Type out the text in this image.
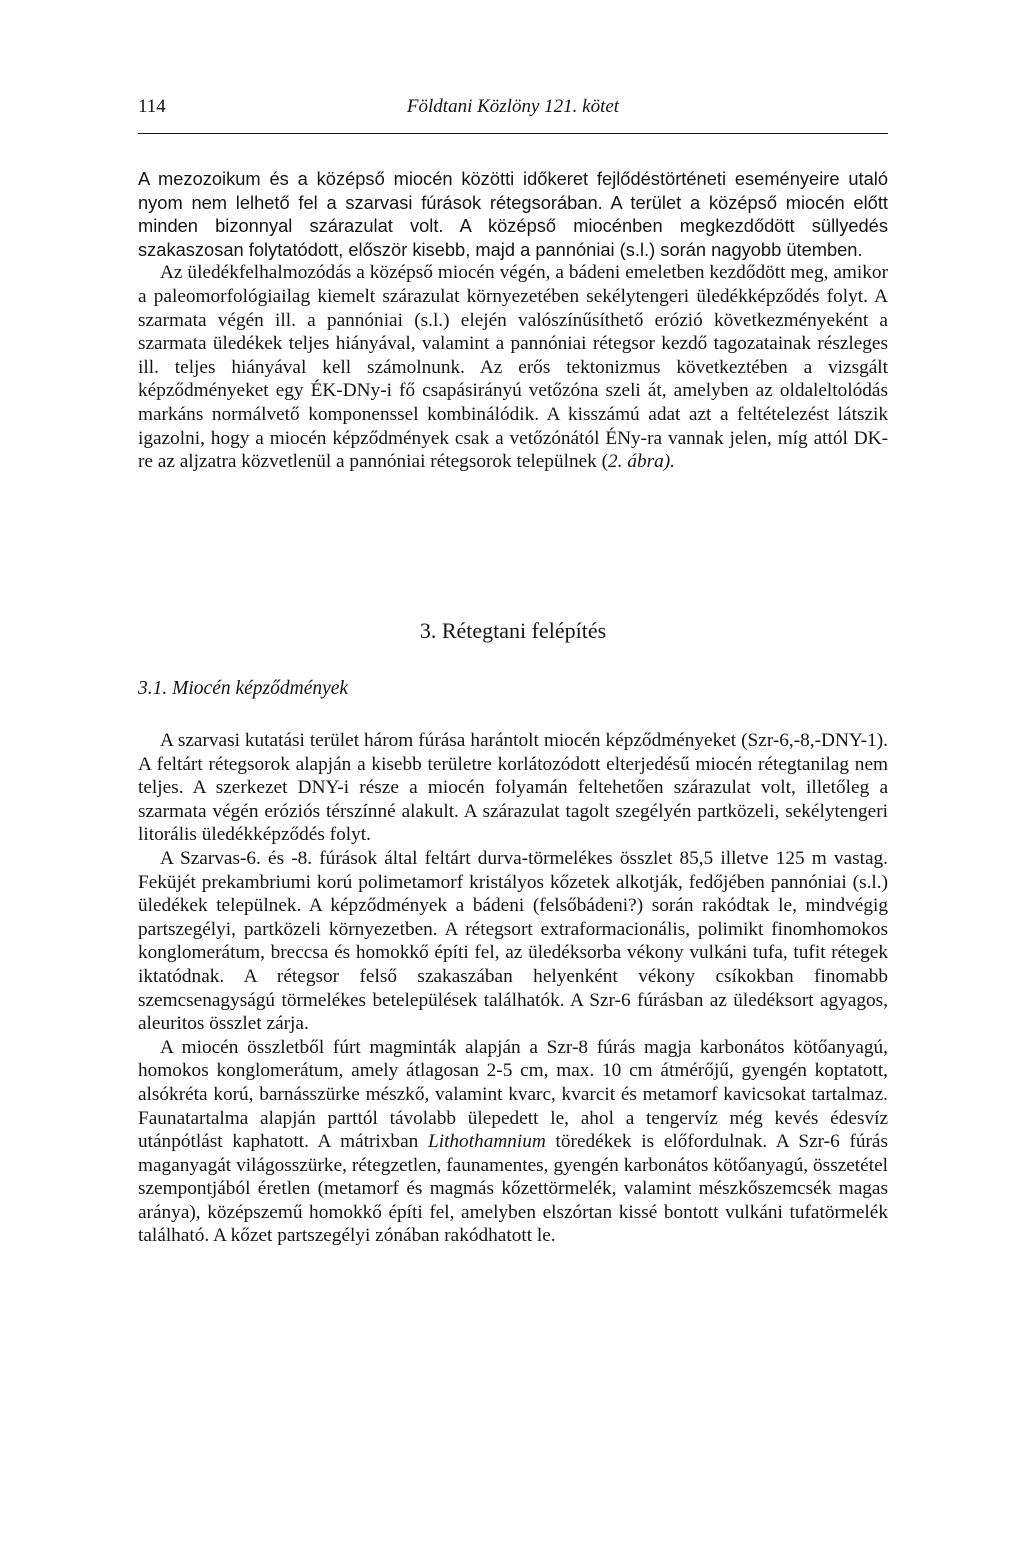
114	Földtani Közlöny 121. kötet

A mezozoikum és a középső miocén közötti időkeret fejlődéstörténeti eseményeire utaló nyom nem lelhető fel a szarvasi fúrások rétegsorában. A terület a középső miocén előtt minden bizonnyal szárazulat volt. A középső miocénben megkezdődött süllyedés szakaszosan folytatódott, először kisebb, majd a pannóniai (s.l.) során nagyobb ütemben.

Az üledékfelhalmozódás a középső miocén végén, a bádeni emeletben kezdődött meg, amikor a paleomorfológiailag kiemelt szárazulat környezetében sekélytengeri üledékképződés folyt. A szarmata végén ill. a pannóniai (s.l.) elején valószínűsíthető erózió következményeként a szarmata üledékek teljes hiányával, valamint a pannóniai rétegsor kezdő tagozatainak részleges ill. teljes hiányával kell számolnunk. Az erős tektonizmus következtében a vizsgált képződményeket egy ÉK-DNy-i fő csapásirányú vetőzóna szeli át, amelyben az oldaleltolódás markáns normálvető komponenssel kombinálódik. A kisszámú adat azt a feltételezést látszik igazolni, hogy a miocén képződmények csak a vetőzónától ÉNy-ra vannak jelen, míg attól DK-re az aljzatra közvetlenül a pannóniai rétegsorok települnek (2. ábra).

3. Rétegtani felépítés
3.1. Miocén képződmények

A szarvasi kutatási terület három fúrása harántolt miocén képződményeket (Szr-6,-8,-DNY-1). A feltárt rétegsorok alapján a kisebb területre korlátozódott elterjedésű miocén rétegtanilag nem teljes. A szerkezet DNY-i része a miocén folyamán feltehetően szárazulat volt, illetőleg a szarmata végén eróziós térszínné alakult. A szárazulat tagolt szegélyén partközeli, sekélytengeri litorális üledékképződés folyt.

A Szarvas-6. és -8. fúrások által feltárt durva-törmelékes összlet 85,5 illetve 125 m vastag. Feküjét prekambriumi korú polimetamorf kristályos kőzetek alkotják, fedőjében pannóniai (s.l.) üledékek települnek. A képződmények a bádeni (felsőbádeni?) során rakódtak le, mindvégig partszegélyi, partközeli környezetben. A rétegsort extraformacionális, polimikt finomhomokos konglomerátum, breccsa és homokkő építi fel, az üledéksorba vékony vulkáni tufa, tufit rétegek iktatódnak. A rétegsor felső szakaszában helyenként vékony csíkokban finomabb szemcsenagyságú törmelékes betelepülések találhatók. A Szr-6 fúrásban az üledéksort agyagos, aleuritos összlet zárja.

A miocén összletből fúrt magminták alapján a Szr-8 fúrás magja karbonátos kötőanyagú, homokos konglomerátum, amely átlagosan 2-5 cm, max. 10 cm átmérőjű, gyengén koptatott, alsókréta korú, barnásszürke mészkő, valamint kvarc, kvarcit és metamorf kavicsokat tartalmaz. Faunatartalma alapján parttól távolabb ülepedett le, ahol a tengervíz még kevés édesvíz utánpótlást kaphatott. A mátrixban Lithothamnium töredékek is előfordulnak. A Szr-6 fúrás maganyagát világosszürke, rétegzetlen, faunamentes, gyengén karbonátos kötőanyagú, összetétel szempontjából éretlen (metamorf és magmás kőzettörmelék, valamint mészkőszemcsék magas aránya), középszemű homokkő építi fel, amelyben elszórtan kissé bontott vulkáni tufatörmelék található. A kőzet partszegélyi zónában rakódhatott le.
